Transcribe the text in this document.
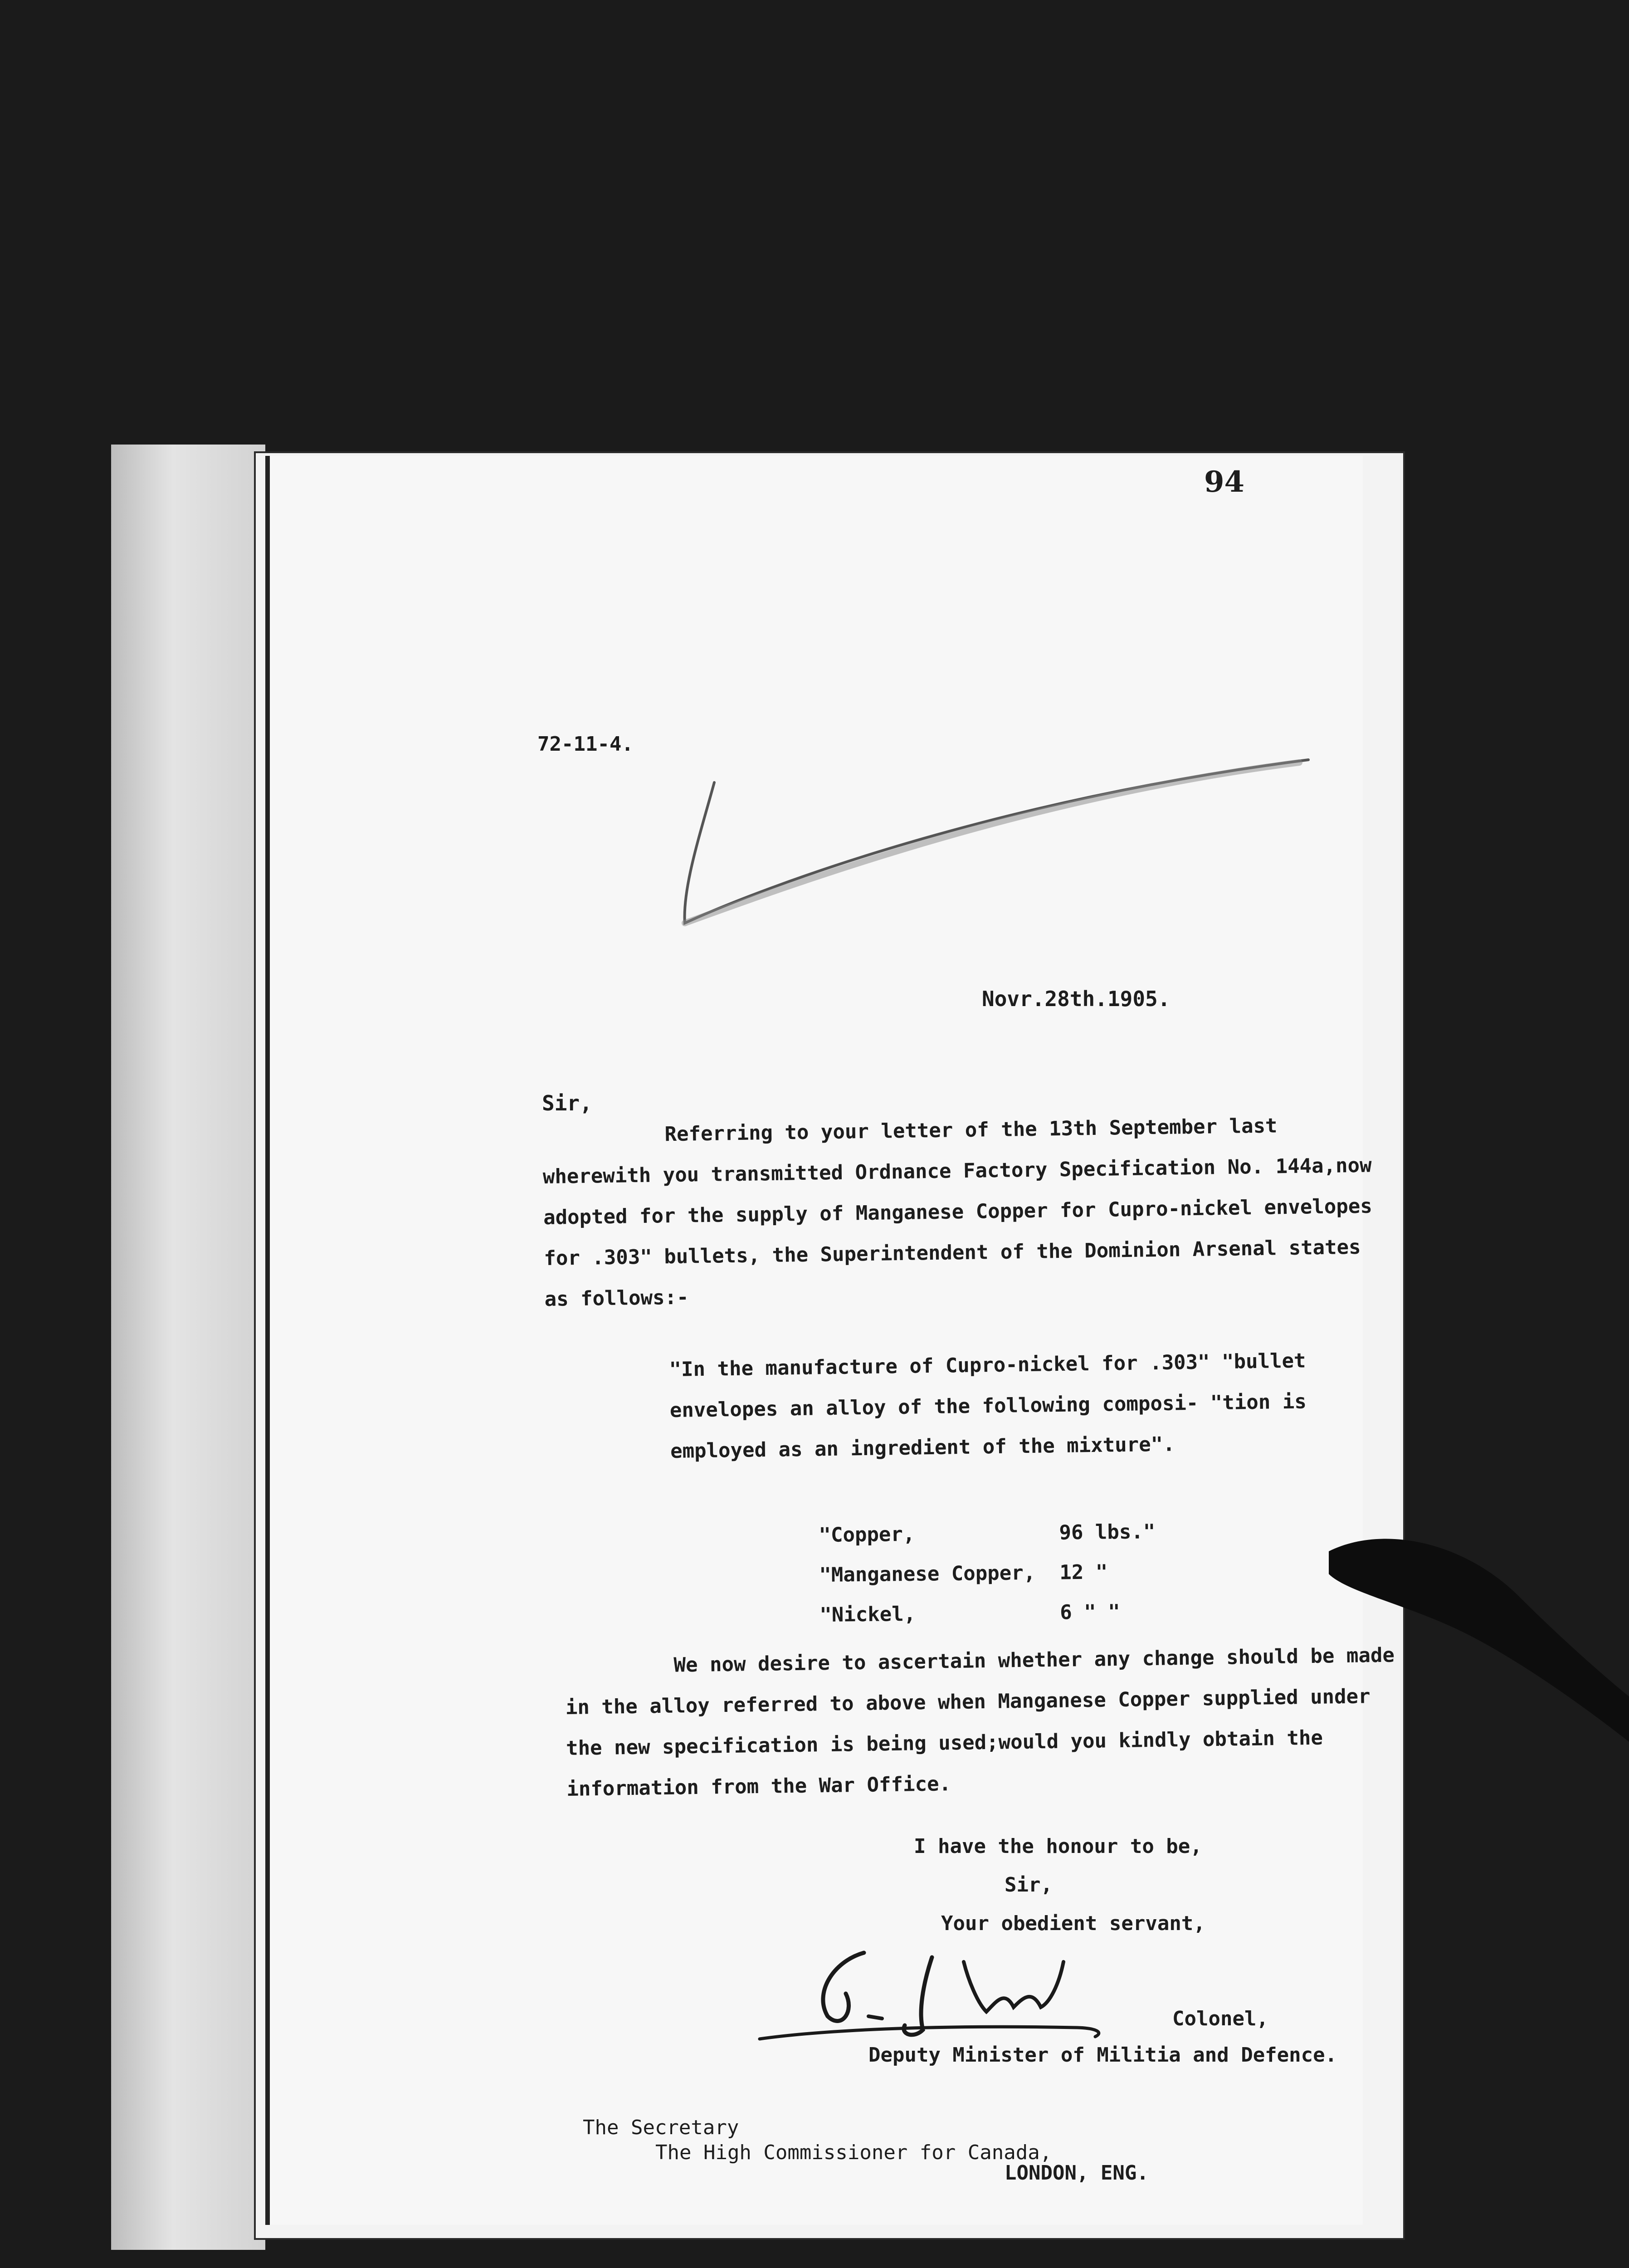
94
72-11-4.
Novr.28th.1905.
Sir,

Referring to your letter of the 13th September last wherewith you transmitted Ordnance Factory Specification No. 144a,now adopted for the supply of Manganese Copper for Cupro-nickel envelopes for .303" bullets, the Superintendent of the Dominion Arsenal states as follows:-

"In the manufacture of Cupro-nickel for .303" "bullet envelopes an alloy of the following composi- "tion is employed as an ingredient of the mixture".

"Copper,	96 lbs."
"Manganese Copper,	12 "
"Nickel,	6 " "

We now desire to ascertain whether any change should be made in the alloy referred to above when Manganese Copper supplied under the new specification is being used;would you kindly obtain the information from the War Office.

I have the honour to be,
Sir,
Your obedient servant,
Colonel,
Deputy Minister of Militia and Defence.
The Secretary
The High Commissioner for Canada,
LONDON, ENG.
